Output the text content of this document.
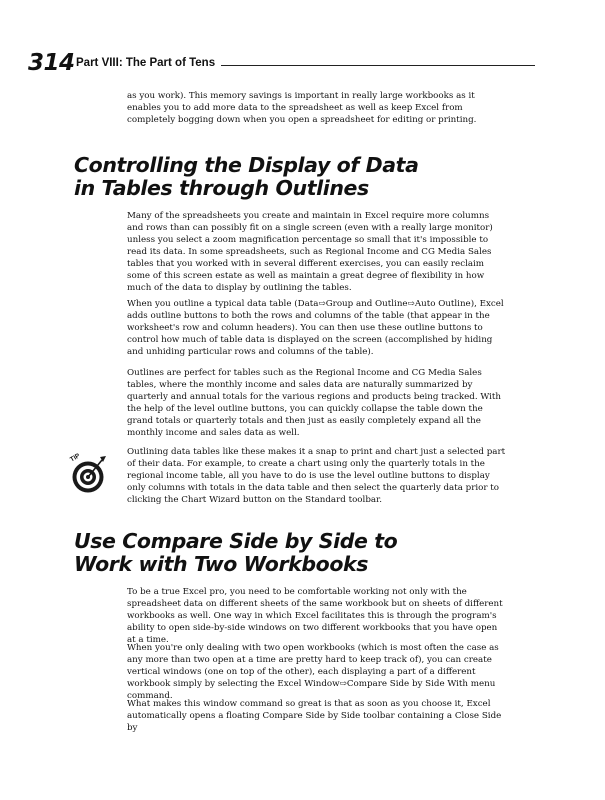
314 Part VIII: The Part of Tens

as you work). This memory savings is important in really large workbooks as it enables you to add more data to the spreadsheet as well as keep Excel from completely bogging down when you open a spreadsheet for editing or printing.

Controlling the Display of Data
in Tables through Outlines

Many of the spreadsheets you create and maintain in Excel require more columns and rows than can possibly fit on a single screen (even with a really large monitor) unless you select a zoom magnification percentage so small that it's impossible to read its data. In some spreadsheets, such as Regional Income and CG Media Sales tables that you worked with in several different exercises, you can easily reclaim some of this screen estate as well as maintain a great degree of flexibility in how much of the data to display by outlining the tables.

When you outline a typical data table (Data⇨Group and Outline⇨Auto Outline), Excel adds outline buttons to both the rows and columns of the table (that appear in the worksheet's row and column headers). You can then use these outline buttons to control how much of table data is displayed on the screen (accomplished by hiding and unhiding particular rows and columns of the table).

Outlines are perfect for tables such as the Regional Income and CG Media Sales tables, where the monthly income and sales data are naturally summarized by quarterly and annual totals for the various regions and products being tracked. With the help of the level outline buttons, you can quickly collapse the table down the grand totals or quarterly totals and then just as easily completely expand all the monthly income and sales data as well.

TIP

Outlining data tables like these makes it a snap to print and chart just a selected part of their data. For example, to create a chart using only the quarterly totals in the regional income table, all you have to do is use the level outline buttons to display only columns with totals in the data table and then select the quarterly data prior to clicking the Chart Wizard button on the Standard toolbar.

Use Compare Side by Side to
Work with Two Workbooks

To be a true Excel pro, you need to be comfortable working not only with the spreadsheet data on different sheets of the same workbook but on sheets of different workbooks as well. One way in which Excel facilitates this is through the program's ability to open side-by-side windows on two different workbooks that you have open at a time.

When you're only dealing with two open workbooks (which is most often the case as any more than two open at a time are pretty hard to keep track of), you can create vertical windows (one on top of the other), each displaying a part of a different workbook simply by selecting the Excel Window⇨Compare Side by Side With menu command.

What makes this window command so great is that as soon as you choose it, Excel automatically opens a floating Compare Side by Side toolbar containing a Close Side by
